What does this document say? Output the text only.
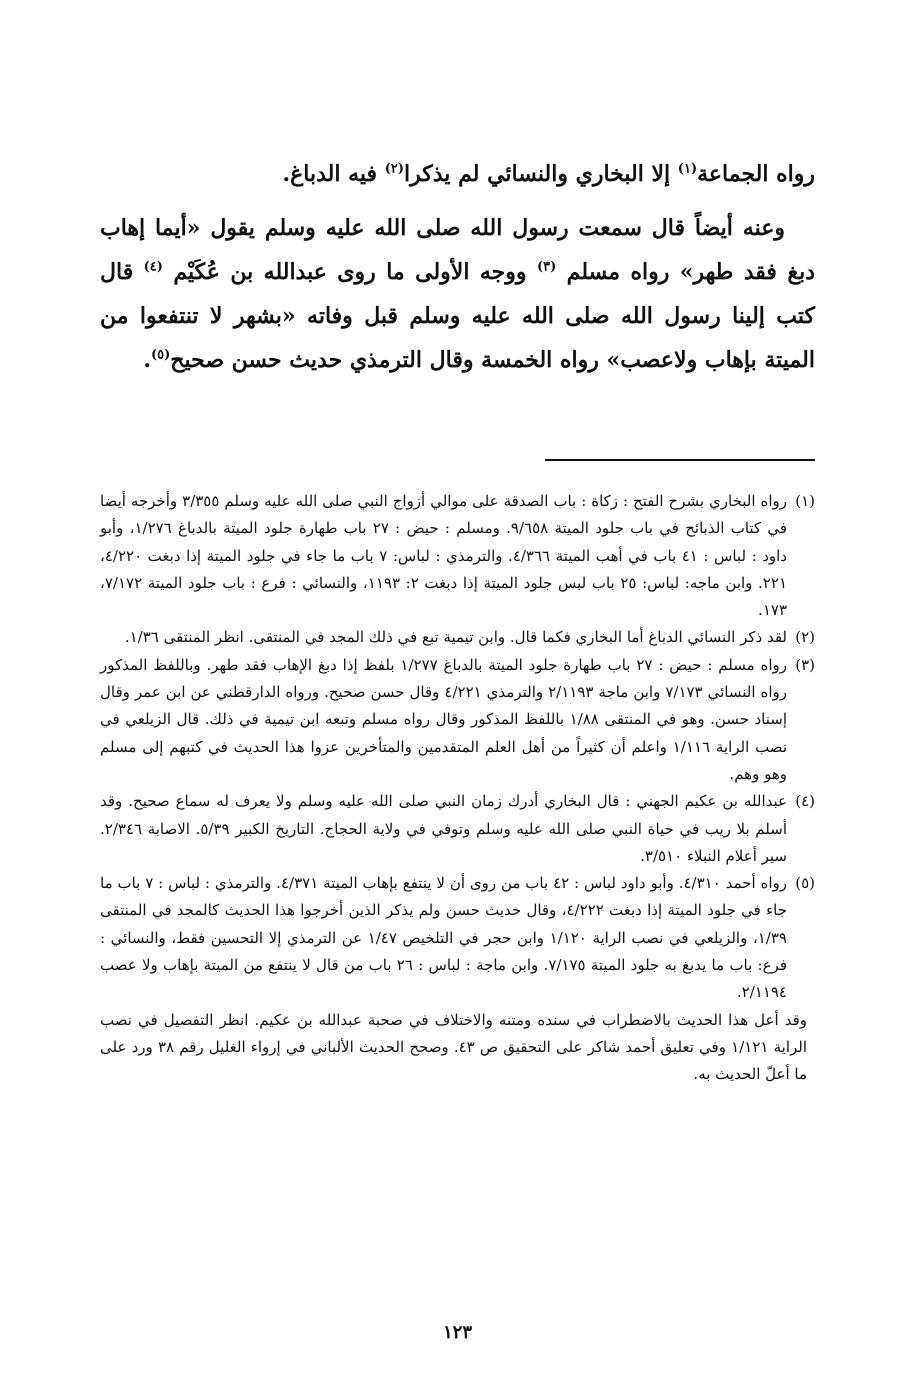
رواه الجماعة$^{(١)}$ إلا البخاري والنسائي لم يذكرا$^{(٢)}$ فيه الدباغ.

وعنه أيضاً قال سمعت رسول الله صلى الله عليه وسلم يقول «أيما إهاب دبغ فقد طهر» رواه مسلم $^{(٣)}$ ووجه الأولى ما روى عبدالله بن عُكَيْم $^{(٤)}$ قال كتب إلينا رسول الله صلى الله عليه وسلم قبل وفاته «بشهر لا تنتفعوا من الميتة بإهاب ولاعصب» رواه الخمسة وقال الترمذي حديث حسن صحيح$^{(٥)}$.

(١)
رواه البخاري بشرح الفتح : زكاة : باب الصدقة على موالي أزواج النبي صلى الله عليه وسلم ٣/٣٥٥ وأخرجه أيضا في كتاب الذبائح في باب جلود الميتة ٩/٦٥٨. ومسلم : حيض : ٢٧ باب طهارة جلود الميتة بالدباغ ١/٢٧٦، وأبو داود : لباس : ٤١ باب في أهب الميتة ٤/٣٦٦. والترمذي : لباس: ٧ باب ما جاء في جلود الميتة إذا دبغت ٤/٢٢٠، ٢٢١. وابن ماجه: لباس: ٢٥ باب لبس جلود الميتة إذا دبغت ٢: ١١٩٣، والنسائي : فرع : باب جلود الميتة ٧/١٧٢، ١٧٣.

(٢)
لقد ذكر النسائي الدباغ أما البخاري فكما قال. وابن تيمية تبع في ذلك المجد في المنتقى. انظر المنتقى ١/٣٦.

(٣)
رواه مسلم : حيض : ٢٧ باب طهارة جلود الميتة بالدباغ ١/٢٧٧ بلفظ إذا دبغ الإهاب فقد طهر. وباللفظ المذكور رواه النسائي ٧/١٧٣ وابن ماجة ٢/١١٩٣ والترمذي ٤/٢٢١ وقال حسن صحيح. ورواه الدارقطني عن ابن عمر وقال إسناد حسن. وهو في المنتقى ١/٨٨ باللفظ المذكور وقال رواه مسلم وتبعه ابن تيمية في ذلك. قال الزيلعي في نصب الراية ١/١١٦ واعلم أن كثيراً من أهل العلم المتقدمين والمتأخرين عزوا هذا الحديث في كتبهم إلى مسلم وهو وهم.

(٤)
عبدالله بن عكيم الجهني : قال البخاري أدرك زمان النبي صلى الله عليه وسلم ولا يعرف له سماع صحيح. وقد أسلم بلا ريب في حياة النبي صلى الله عليه وسلم وتوفي في ولاية الحجاج. التاريخ الكبير ٥/٣٩. الاصابة ٢/٣٤٦. سير أعلام النبلاء ٣/٥١٠.

(٥)
رواه أحمد ٤/٣١٠. وأبو داود لباس : ٤٢ باب من روى أن لا ينتفع بإهاب الميتة ٤/٣٧١. والترمذي : لباس : ٧ باب ما جاء في جلود الميتة إذا دبغت ٤/٢٢٢، وقال حديث حسن ولم يذكر الذين أخرجوا هذا الحديث كالمجد في المنتقى ١/٣٩، والزيلعي في نصب الراية ١/١٢٠ وابن حجر في التلخيص ١/٤٧ عن الترمذي إلا التحسين فقط، والنسائي : فرع: باب ما يدبغ به جلود الميتة ٧/١٧٥. وابن ماجة : لباس : ٢٦ باب من قال لا ينتفع من الميتة بإهاب ولا عصب ٢/١١٩٤.

وقد أعل هذا الحديث بالاضطراب في سنده ومتنه والاختلاف في صحبة عبدالله بن عكيم. انظر التفصيل في نصب الراية ١/١٢١ وفي تعليق أحمد شاكر على التحقيق ص ٤٣. وصحح الحديث الألباني في إرواء الغليل رقم ٣٨ ورد على ما أعلّ الحديث به.

١٢٣
